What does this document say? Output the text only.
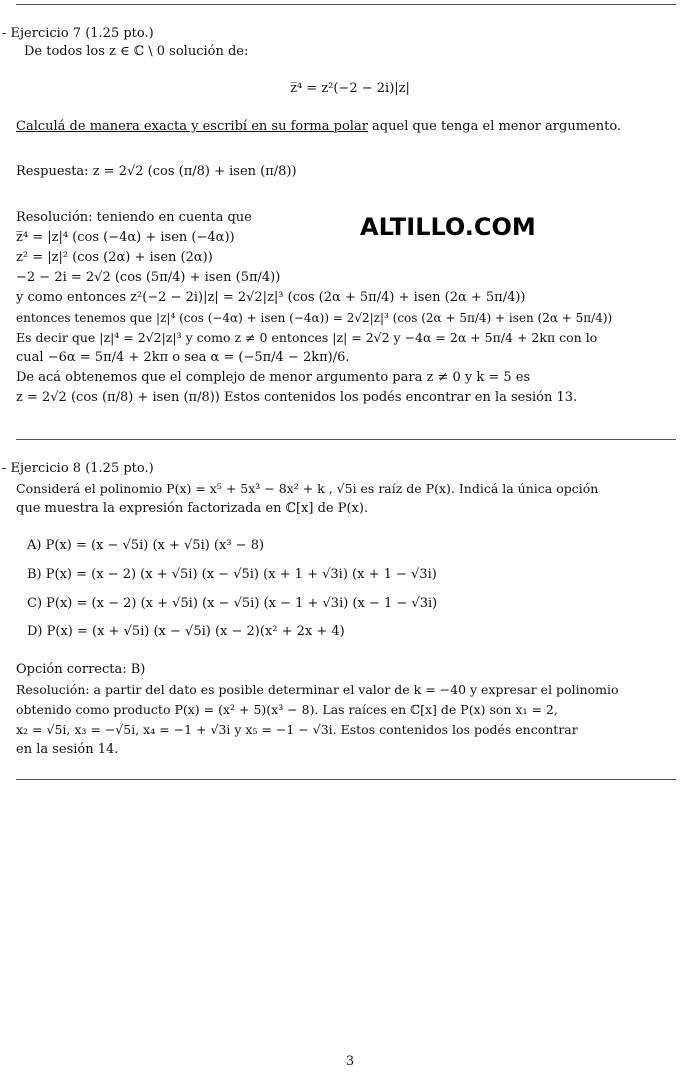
- Ejercicio 7 (1.25 pto.)
De todos los z ∈ ℂ \ 0 solución de:
z̅⁴ = z²(−2 − 2i)|z|
Calculá de manera exacta y escribí en su forma polar aquel que tenga el menor argumento.
Respuesta: z = 2√2 (cos (π/8) + isen (π/8))
Resolución: teniendo en cuenta que
z̅⁴ = |z|⁴ (cos (−4α) + isen (−4α))
z² = |z|² (cos (2α) + isen (2α))
−2 − 2i = 2√2 (cos (5π/4) + isen (5π/4))
y como entonces z²(−2 − 2i)|z| = 2√2|z|³ (cos (2α + 5π/4) + isen (2α + 5π/4))
entonces tenemos que |z|⁴ (cos (−4α) + isen (−4α)) = 2√2|z|³ (cos (2α + 5π/4) + isen (2α + 5π/4))
Es decir que |z|⁴ = 2√2|z|³ y como z ≠ 0 entonces |z| = 2√2 y −4α = 2α + 5π/4 + 2kπ con lo
cual −6α = 5π/4 + 2kπ o sea α = (−5π/4 − 2kπ)/6.
De acá obtenemos que el complejo de menor argumento para z ≠ 0 y k = 5 es
z = 2√2 (cos (π/8) + isen (π/8)) Estos contenidos los podés encontrar en la sesión 13.
ALTILLO.COM
- Ejercicio 8 (1.25 pto.)
Considerá el polinomio P(x) = x⁵ + 5x³ − 8x² + k , √5i es raíz de P(x). Indicá la única opción
que muestra la expresión factorizada en ℂ[x] de P(x).
A) P(x) = (x − √5i) (x + √5i) (x³ − 8)
B) P(x) = (x − 2) (x + √5i) (x − √5i) (x + 1 + √3i) (x + 1 − √3i)
C) P(x) = (x − 2) (x + √5i) (x − √5i) (x − 1 + √3i) (x − 1 − √3i)
D) P(x) = (x + √5i) (x − √5i) (x − 2)(x² + 2x + 4)
Opción correcta: B)
Resolución: a partir del dato es posible determinar el valor de k = −40 y expresar el polinomio
obtenido como producto P(x) = (x² + 5)(x³ − 8). Las raíces en ℂ[x] de P(x) son x₁ = 2,
x₂ = √5i, x₃ = −√5i, x₄ = −1 + √3i y x₅ = −1 − √3i. Estos contenidos los podés encontrar
en la sesión 14.
3
